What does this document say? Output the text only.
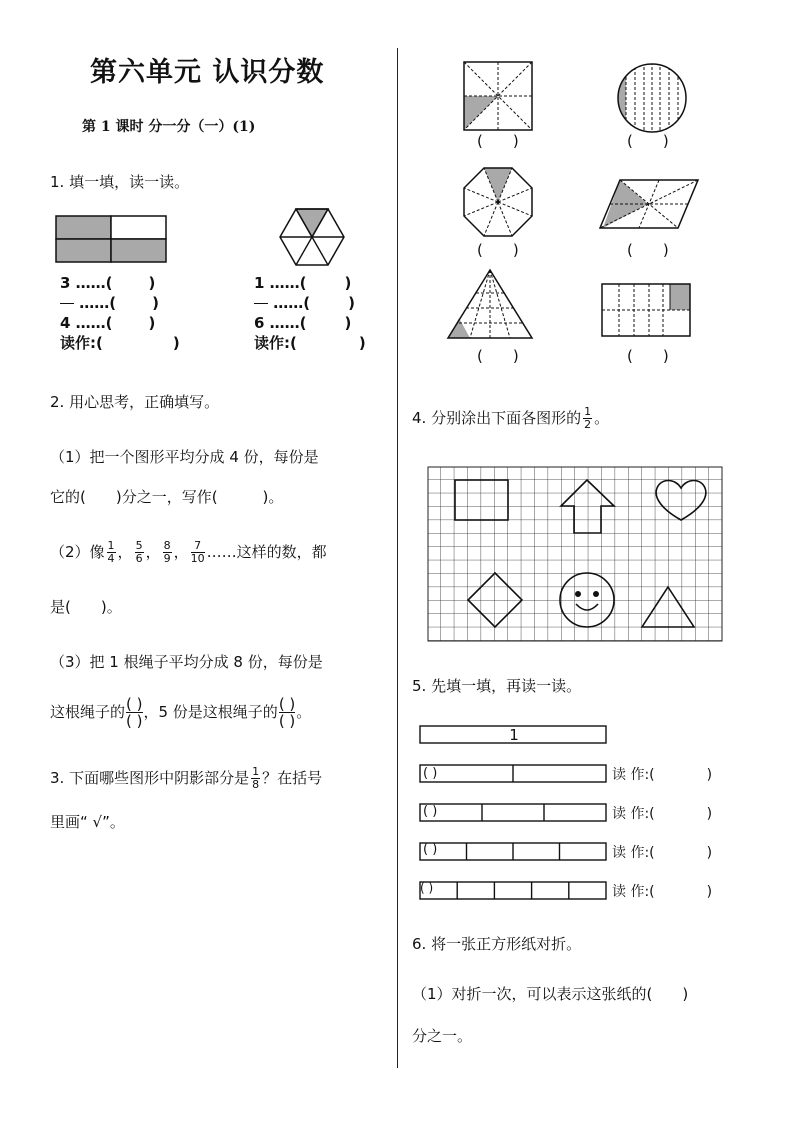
第六单元 认识分数
第 1 课时 分一分（一）(1)
1. 填一填，读一读。
3 ……( )
……( )
4 ……( )
读作:(	)
1 ……(	)
……(	)
6 ……(	)
读作:(	)
2. 用心思考，正确填写。
（1）把一个图形平均分成 4 份，每份是
它的(　　)分之一，写作(　　　)。
（2）像 $\frac{1}{4}$ ， $\frac{5}{6}$ ， $\frac{8}{9}$ ， $\frac{7}{10}$ ……这样的数，都
是(　　)。
（3）把 1 根绳子平均分成 8 份，每份是
这根绳子的 ( )
( ) ，5 份是这根绳子的 ( )
( ) 。
3. 下面哪些图形中阴影部分是 $\frac{1}{8}$ ？在括号
里画“ √”。
(　　)	(　　)
(　　)	(　　)
(　　)	(　　)
4. 分别涂出下面各图形的 $\frac{1}{2}$ 。
5. 先填一填，再读一读。
1
( )
( )
( )
( )
读 作:(	)
读 作:(	)
读 作:(	)
读 作:(	)
6. 将一张正方形纸对折。
（1）对折一次，可以表示这张纸的(　　)
分之一。
